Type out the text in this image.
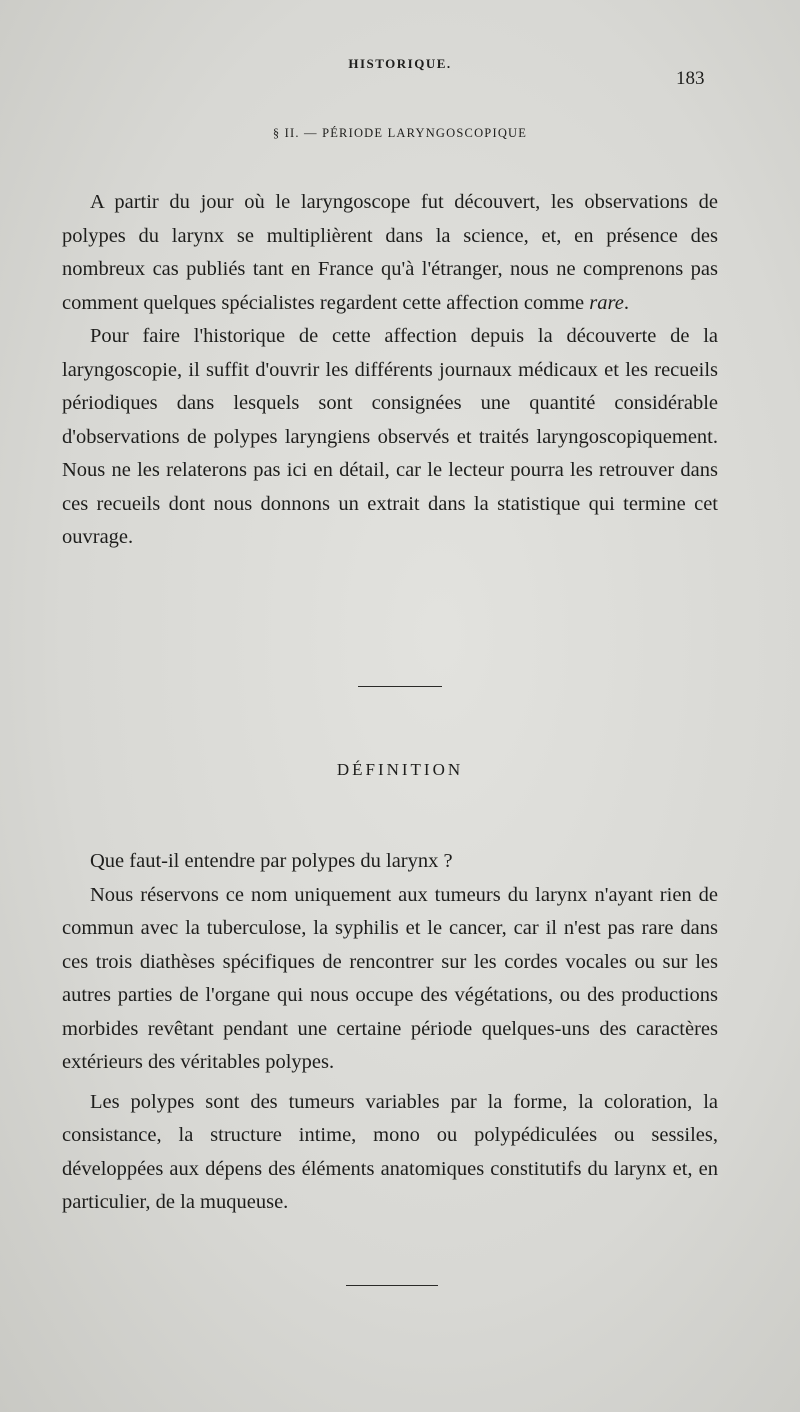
HISTORIQUE.
183
§ II. — PÉRIODE LARYNGOSCOPIQUE

A partir du jour où le laryngoscope fut découvert, les observations de polypes du larynx se multiplièrent dans la science, et, en présence des nombreux cas publiés tant en France qu'à l'étranger, nous ne comprenons pas comment quelques spécialistes regardent cette affection comme rare.

Pour faire l'historique de cette affection depuis la découverte de la laryngoscopie, il suffit d'ouvrir les différents journaux médicaux et les recueils périodiques dans lesquels sont consignées une quantité considérable d'observations de polypes laryngiens observés et traités laryngoscopiquement. Nous ne les relaterons pas ici en détail, car le lecteur pourra les retrouver dans ces recueils dont nous donnons un extrait dans la statistique qui termine cet ouvrage.

DÉFINITION

Que faut-il entendre par polypes du larynx ?

Nous réservons ce nom uniquement aux tumeurs du larynx n'ayant rien de commun avec la tuberculose, la syphilis et le cancer, car il n'est pas rare dans ces trois diathèses spécifiques de rencontrer sur les cordes vocales ou sur les autres parties de l'organe qui nous occupe des végétations, ou des productions morbides revêtant pendant une certaine période quelques-uns des caractères extérieurs des véritables polypes.

Les polypes sont des tumeurs variables par la forme, la coloration, la consistance, la structure intime, mono ou polypédiculées ou sessiles, développées aux dépens des éléments anatomiques constitutifs du larynx et, en particulier, de la muqueuse.
